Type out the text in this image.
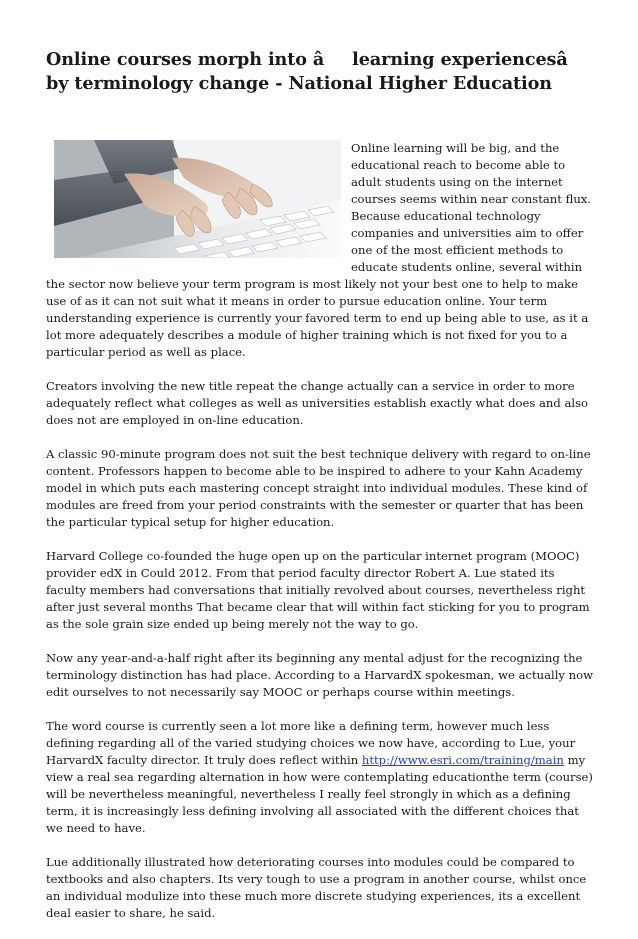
Online courses morph into âlearning experiencesâ by terminology change - National Higher Education

Online learning will be big, and the educational reach to become able to adult students using on the internet courses seems within near constant flux. Because educational technology companies and universities aim to offer one of the most efficient methods to educate students online, several within the sector now believe your term program is most likely not your best one to help to make use of as it can not suit what it means in order to pursue education online. Your term understanding experience is currently your favored term to end up being able to use, as it a lot more adequately describes a module of higher training which is not fixed for you to a particular period as well as place.

Creators involving the new title repeat the change actually can a service in order to more adequately reflect what colleges as well as universities establish exactly what does and also does not are employed in on-line education.

A classic 90-minute program does not suit the best technique delivery with regard to on-line content. Professors happen to become able to be inspired to adhere to your Kahn Academy model in which puts each mastering concept straight into individual modules. These kind of modules are freed from your period constraints with the semester or quarter that has been the particular typical setup for higher education.

Harvard College co-founded the huge open up on the particular internet program (MOOC) provider edX in Could 2012. From that period faculty director Robert A. Lue stated its faculty members had conversations that initially revolved about courses, nevertheless right after just several months That became clear that will within fact sticking for you to program as the sole grain size ended up being merely not the way to go.

Now any year-and-a-half right after its beginning any mental adjust for the recognizing the terminology distinction has had place. According to a HarvardX spokesman, we actually now edit ourselves to not necessarily say MOOC or perhaps course within meetings.

The word course is currently seen a lot more like a defining term, however much less defining regarding all of the varied studying choices we now have, according to Lue, your HarvardX faculty director. It truly does reflect within http://www.esri.com/training/main my view a real sea regarding alternation in how were contemplating educationthe term (course) will be nevertheless meaningful, nevertheless I really feel strongly in which as a defining term, it is increasingly less defining involving all associated with the different choices that we need to have.

Lue additionally illustrated how deteriorating courses into modules could be compared to textbooks and also chapters. Its very tough to use a program in another course, whilst once an individual modulize into these much more discrete studying experiences, its a excellent deal easier to share, he said.
